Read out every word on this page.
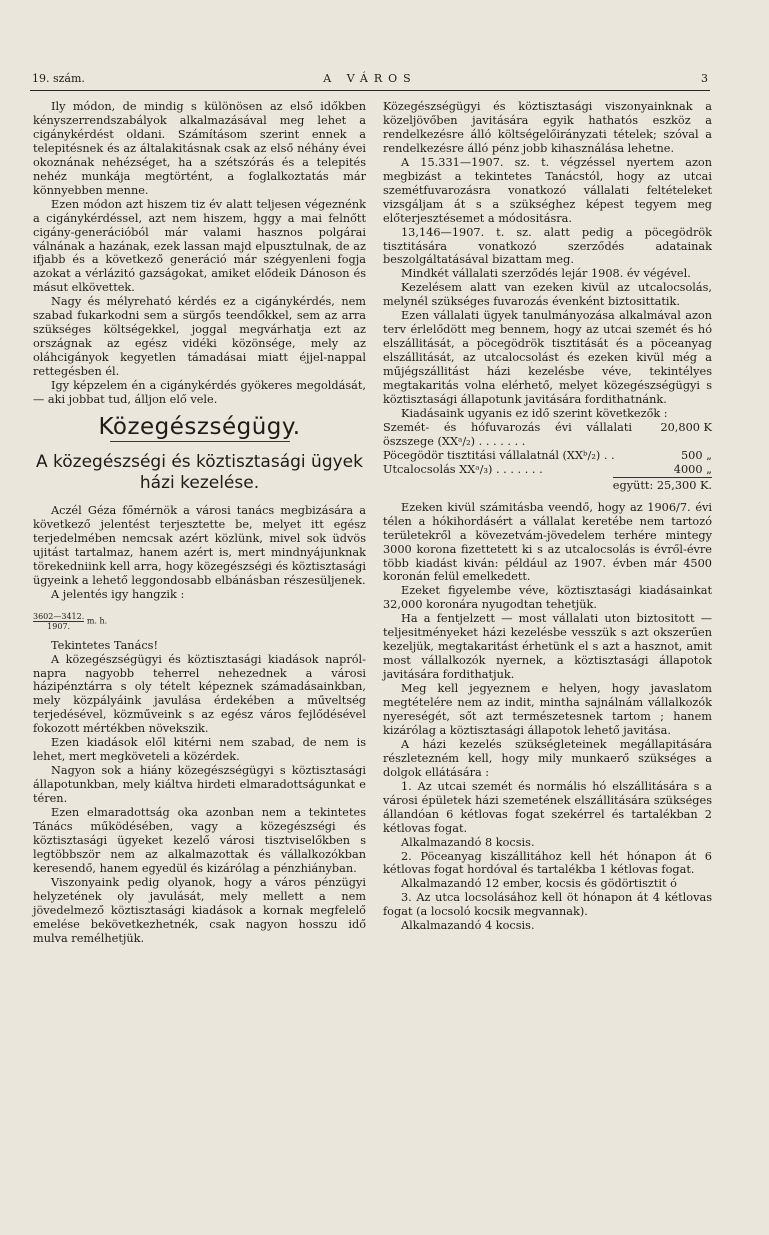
19. szám.	A VÁROS	3

Ily módon, de mindig s különösen az első időkben kényszerrendszabályok alkalmazásával meg lehet a cigánykérdést oldani. Számításom szerint ennek a telepitésnek és az általakitásnak csak az első néhány évei okoznának nehézséget, ha a szétszórás és a telepités nehéz munkája megtörtént, a foglalkoztatás már könnyebben menne.

Ezen módon azt hiszem tiz év alatt teljesen végeznénk a cigánykérdéssel, azt nem hiszem, hggy a mai felnőtt cigány-generációból már valami hasznos polgárai válnának a hazának, ezek lassan majd elpusztulnak, de az ifjabb és a következő generáció már szégyenleni fogja azokat a vérlázitó gazságokat, amiket elődeik Dánoson és másut elkövettek.

Nagy és mélyreható kérdés ez a cigánykérdés, nem szabad fukarkodni sem a sürgős teendőkkel, sem az arra szükséges költségekkel, joggal megvárhatja ezt az országnak az egész vidéki közönsége, mely az oláhcigányok kegyetlen támadásai miatt éjjel-nappal rettegésben él.

Igy képzelem én a cigánykérdés gyökeres megoldását, — aki jobbat tud, álljon elő vele.

Közegészségügy.
A közegészségi és köztisztasági ügyek házi kezelése.

Aczél Géza főmérnök a városi tanács megbizására a következő jelentést terjesztette be, melyet itt egész terjedelmében nemcsak azért közlünk, mivel sok üdvös ujitást tartalmaz, hanem azért is, mert mindnyájunknak törekedniink kell arra, hogy közegészségi és köztisztasági ügyeink a lehető leggondosabb elbánásban részesüljenek.

A jelentés igy hangzik :

$\frac{3602—3412.}{1907.} m$. h.

Tekintetes Tanács!

A közegészségügyi és köztisztasági kiadások napról-napra nagyobb teherrel nehezednek a városi házipénztárra s oly tételt képeznek számadásainkban, mely közpályáink javulása érdekében a műveltség terjedésével, közműveink s az egész város fejlődésével fokozott mértékben növekszik.

Ezen kiadások elől kitérni nem szabad, de nem is lehet, mert megköveteli a közérdek.

Nagyon sok a hiány közegészségügyi s köztisztasági állapotunkban, mely kiáltva hirdeti elmaradottságunkat e téren.

Ezen elmaradottság oka azonban nem a tekintetes Tánács működésében, vagy a közegészségi és köztisztasági ügyeket kezelő városi tisztviselőkben s legtöbbször nem az alkalmazottak és vállalkozókban keresendő, hanem egyedül és kizárólag a pénzhiányban.

Viszonyaink pedig olyanok, hogy a város pénzügyi helyzetének oly javulását, mely mellett a nem jövedelmező köztisztasági kiadások a kornak megfelelő emelése bekövetkezhetnék, csak nagyon hosszu idő mulva remélhetjük.

Közegészségügyi és köztisztasági viszonyainknak a közeljövőben javitására egyik hathatós eszköz a rendelkezésre álló költségelőirányzati tételek; szóval a rendelkezésre álló pénz jobb kihasználása lehetne.

A 15.331—1907. sz. t. végzéssel nyertem azon megbizást a tekintetes Tanácstól, hogy az utcai szemétfuvarozásra vonatkozó vállalati feltételeket vizsgáljam át s a szükséghez képest tegyem meg előterjesztésemet a módositásra.

13,146—1907. t. sz. alatt pedig a pöcegödrök tisztitására vonatkozó szerződés adatainak beszolgáltatásával bizattam meg.

Mindkét vállalati szerződés lejár 1908. év végével.

Kezelésem alatt van ezeken kivül az utcalocsolás, melynél szükséges fuvarozás évenként biztosittatik.

Ezen vállalati ügyek tanulmányozása alkalmával azon terv érlelődött meg bennem, hogy az utcai szemét és hó elszállitását, a pöcegödrök tisztitását és a pöceanyag elszállitását, az utcalocsolást és ezeken kivül még a műjégszállitást házi kezelésbe véve, tekintélyes megtakaritás volna elérhető, melyet közegészségügyi s köztisztasági állapotunk javitására fordithatnánk.

Kiadásaink ugyanis ez idő szerint következők :

Szemét- és hófuvarozás évi vállalati öszszege (XXᵃ/₂) . . . . . . .	20,800 K
Pöcegödör tisztitási vállalatnál (XXᵇ/₂) . .	500 „
Utcalocsolás XXᵃ/₃) . . . . . . .	4000 „
együtt: 25,300 K.

Ezeken kivül számitásba veendő, hogy az 1906/7. évi télen a hókihordásért a vállalat keretébe nem tartozó területekről a kövezetvám-jövedelem terhére mintegy 3000 korona fizettetett ki s az utcalocsolás is évről-évre több kiadást kiván: például az 1907. évben már 4500 koronán felül emelkedett.

Ezeket figyelembe véve, köztisztasági kiadásainkat 32,000 koronára nyugodtan tehetjük.

Ha a fentjelzett — most vállalati uton biztositott — teljesitményeket házi kezelésbe vesszük s azt okszerűen kezeljük, megtakaritást érhetünk el s azt a hasznot, amit most vállalkozók nyernek, a köztisztasági állapotok javitására fordithatjuk.

Meg kell jegyeznem e helyen, hogy javaslatom megtételére nem az indit, mintha sajnálnám vállalkozók nyereségét, sőt azt természetesnek tartom ; hanem kizárólag a köztisztasági állapotok lehető javitása.

A házi kezelés szükségleteinek megállapitására részletezném kell, hogy mily munkaerő szükséges a dolgok ellátására :

1. Az utcai szemét és normális hó elszállitására s a városi épületek házi szemetének elszállitására szükséges állandóan 6 kétlovas fogat szekérrel és tartalékban 2 kétlovas fogat.

Alkalmazandó 8 kocsis.

2. Pöceanyag kiszállitához kell hét hónapon át 6 kétlovas fogat hordóval és tartalékba 1 kétlovas fogat.

Alkalmazandó 12 ember, kocsis és gödörtisztit ó

3. Az utca locsolásához kell öt hónapon át 4 kétlovas fogat (a locsoló kocsik megvannak).

Alkalmazandó 4 kocsis.
